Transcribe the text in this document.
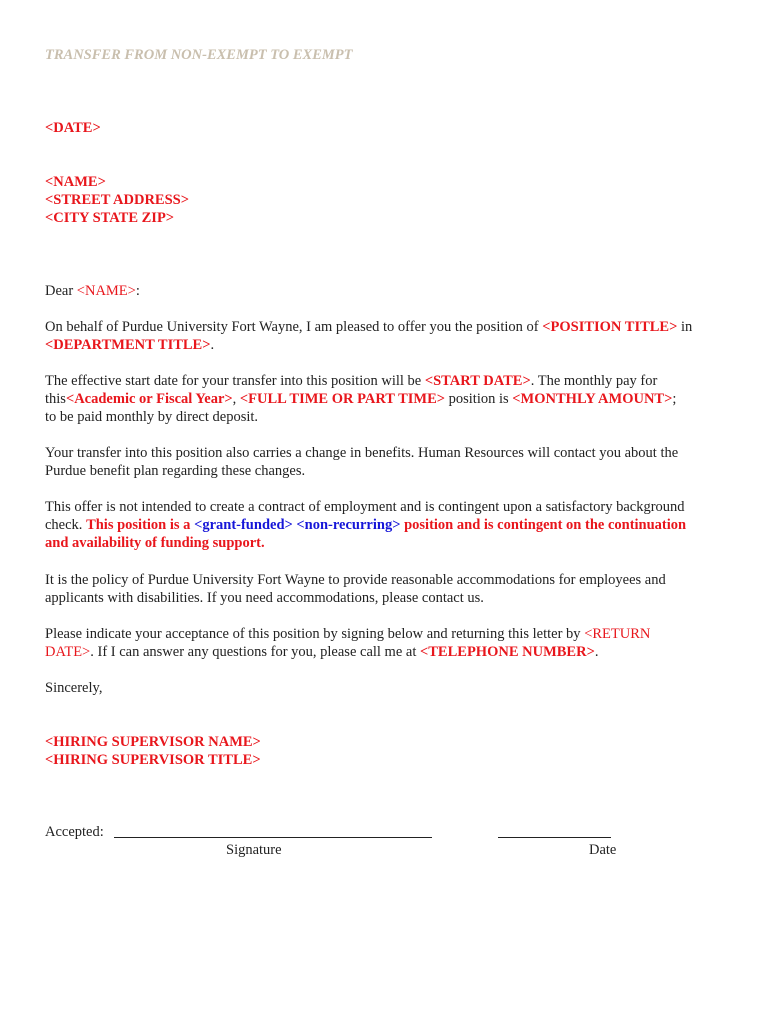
TRANSFER FROM NON-EXEMPT TO EXEMPT
<DATE>
<NAME>
<STREET ADDRESS>
<CITY STATE ZIP>
Dear <NAME>:
On behalf of Purdue University Fort Wayne, I am pleased to offer you the position of <POSITION TITLE> in
<DEPARTMENT TITLE>.
The effective start date for your transfer into this position will be <START DATE>. The monthly pay for
this<Academic or Fiscal Year>, <FULL TIME OR PART TIME> position is <MONTHLY AMOUNT>;
to be paid monthly by direct deposit.
Your transfer into this position also carries a change in benefits. Human Resources will contact you about the
Purdue benefit plan regarding these changes.
This offer is not intended to create a contract of employment and is contingent upon a satisfactory background
check. This position is a <grant-funded> <non-recurring> position and is contingent on the continuation
and availability of funding support.
It is the policy of Purdue University Fort Wayne to provide reasonable accommodations for employees and
applicants with disabilities. If you need accommodations, please contact us.
Please indicate your acceptance of this position by signing below and returning this letter by <RETURN
DATE>. If I can answer any questions for you, please call me at <TELEPHONE NUMBER>.
Sincerely,
<HIRING SUPERVISOR NAME>
<HIRING SUPERVISOR TITLE>
Accepted:
Signature	Date
